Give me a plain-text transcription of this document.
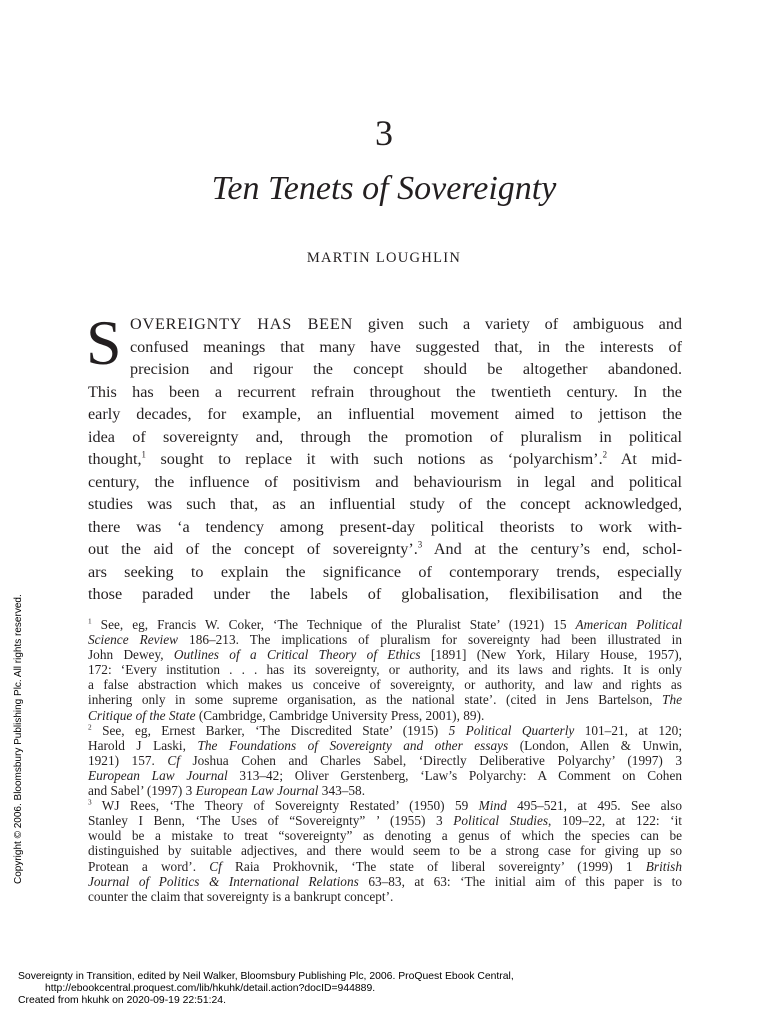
3
Ten Tenets of Sovereignty
MARTIN LOUGHLIN
S OVEREIGNTY HAS BEEN given such a variety of ambiguous and
confused meanings that many have suggested that, in the interests of
precision and rigour the concept should be altogether abandoned.
This has been a recurrent refrain throughout the twentieth century. In the
early decades, for example, an influential movement aimed to jettison the
idea of sovereignty and, through the promotion of pluralism in political
thought,$^1$ sought to replace it with such notions as ‘polyarchism’.$^2$ At mid-
century, the influence of positivism and behaviourism in legal and political
studies was such that, as an influential study of the concept acknowledged,
there was ‘a tendency among present-day political theorists to work with-
out the aid of the concept of sovereignty’.$^3$ And at the century’s end, schol-
ars seeking to explain the significance of contemporary trends, especially
those paraded under the labels of globalisation, flexibilisation and the
$^1$ See, eg, Francis W. Coker, ‘The Technique of the Pluralist State’ (1921) 15 American Political
Science Review 186–213. The implications of pluralism for sovereignty had been illustrated in
John Dewey, Outlines of a Critical Theory of Ethics [1891] (New York, Hilary House, 1957),
172: ‘Every institution . . . has its sovereignty, or authority, and its laws and rights. It is only
a false abstraction which makes us conceive of sovereignty, or authority, and law and rights as
inhering only in some supreme organisation, as the national state’. (cited in Jens Bartelson, The
Critique of the State (Cambridge, Cambridge University Press, 2001), 89).
$^2$ See, eg, Ernest Barker, ‘The Discredited State’ (1915) 5 Political Quarterly 101–21, at 120;
Harold J Laski, The Foundations of Sovereignty and other essays (London, Allen & Unwin,
1921) 157. Cf Joshua Cohen and Charles Sabel, ‘Directly Deliberative Polyarchy’ (1997) 3
European Law Journal 313–42; Oliver Gerstenberg, ‘Law’s Polyarchy: A Comment on Cohen
and Sabel’ (1997) 3 European Law Journal 343–58.
$^3$ WJ Rees, ‘The Theory of Sovereignty Restated’ (1950) 59 Mind 495–521, at 495. See also
Stanley I Benn, ‘The Uses of “Sovereignty” ’ (1955) 3 Political Studies, 109–22, at 122: ‘it
would be a mistake to treat “sovereignty” as denoting a genus of which the species can be
distinguished by suitable adjectives, and there would seem to be a strong case for giving up so
Protean a word’. Cf Raia Prokhovnik, ‘The state of liberal sovereignty’ (1999) 1 British
Journal of Politics & International Relations 63–83, at 63: ‘The initial aim of this paper is to
counter the claim that sovereignty is a bankrupt concept’.
Copyright © 2006. Bloomsbury Publishing Plc. All rights reserved.
Sovereignty in Transition, edited by Neil Walker, Bloomsbury Publishing Plc, 2006. ProQuest Ebook Central,
http://ebookcentral.proquest.com/lib/hkuhk/detail.action?docID=944889.
Created from hkuhk on 2020-09-19 22:51:24.
